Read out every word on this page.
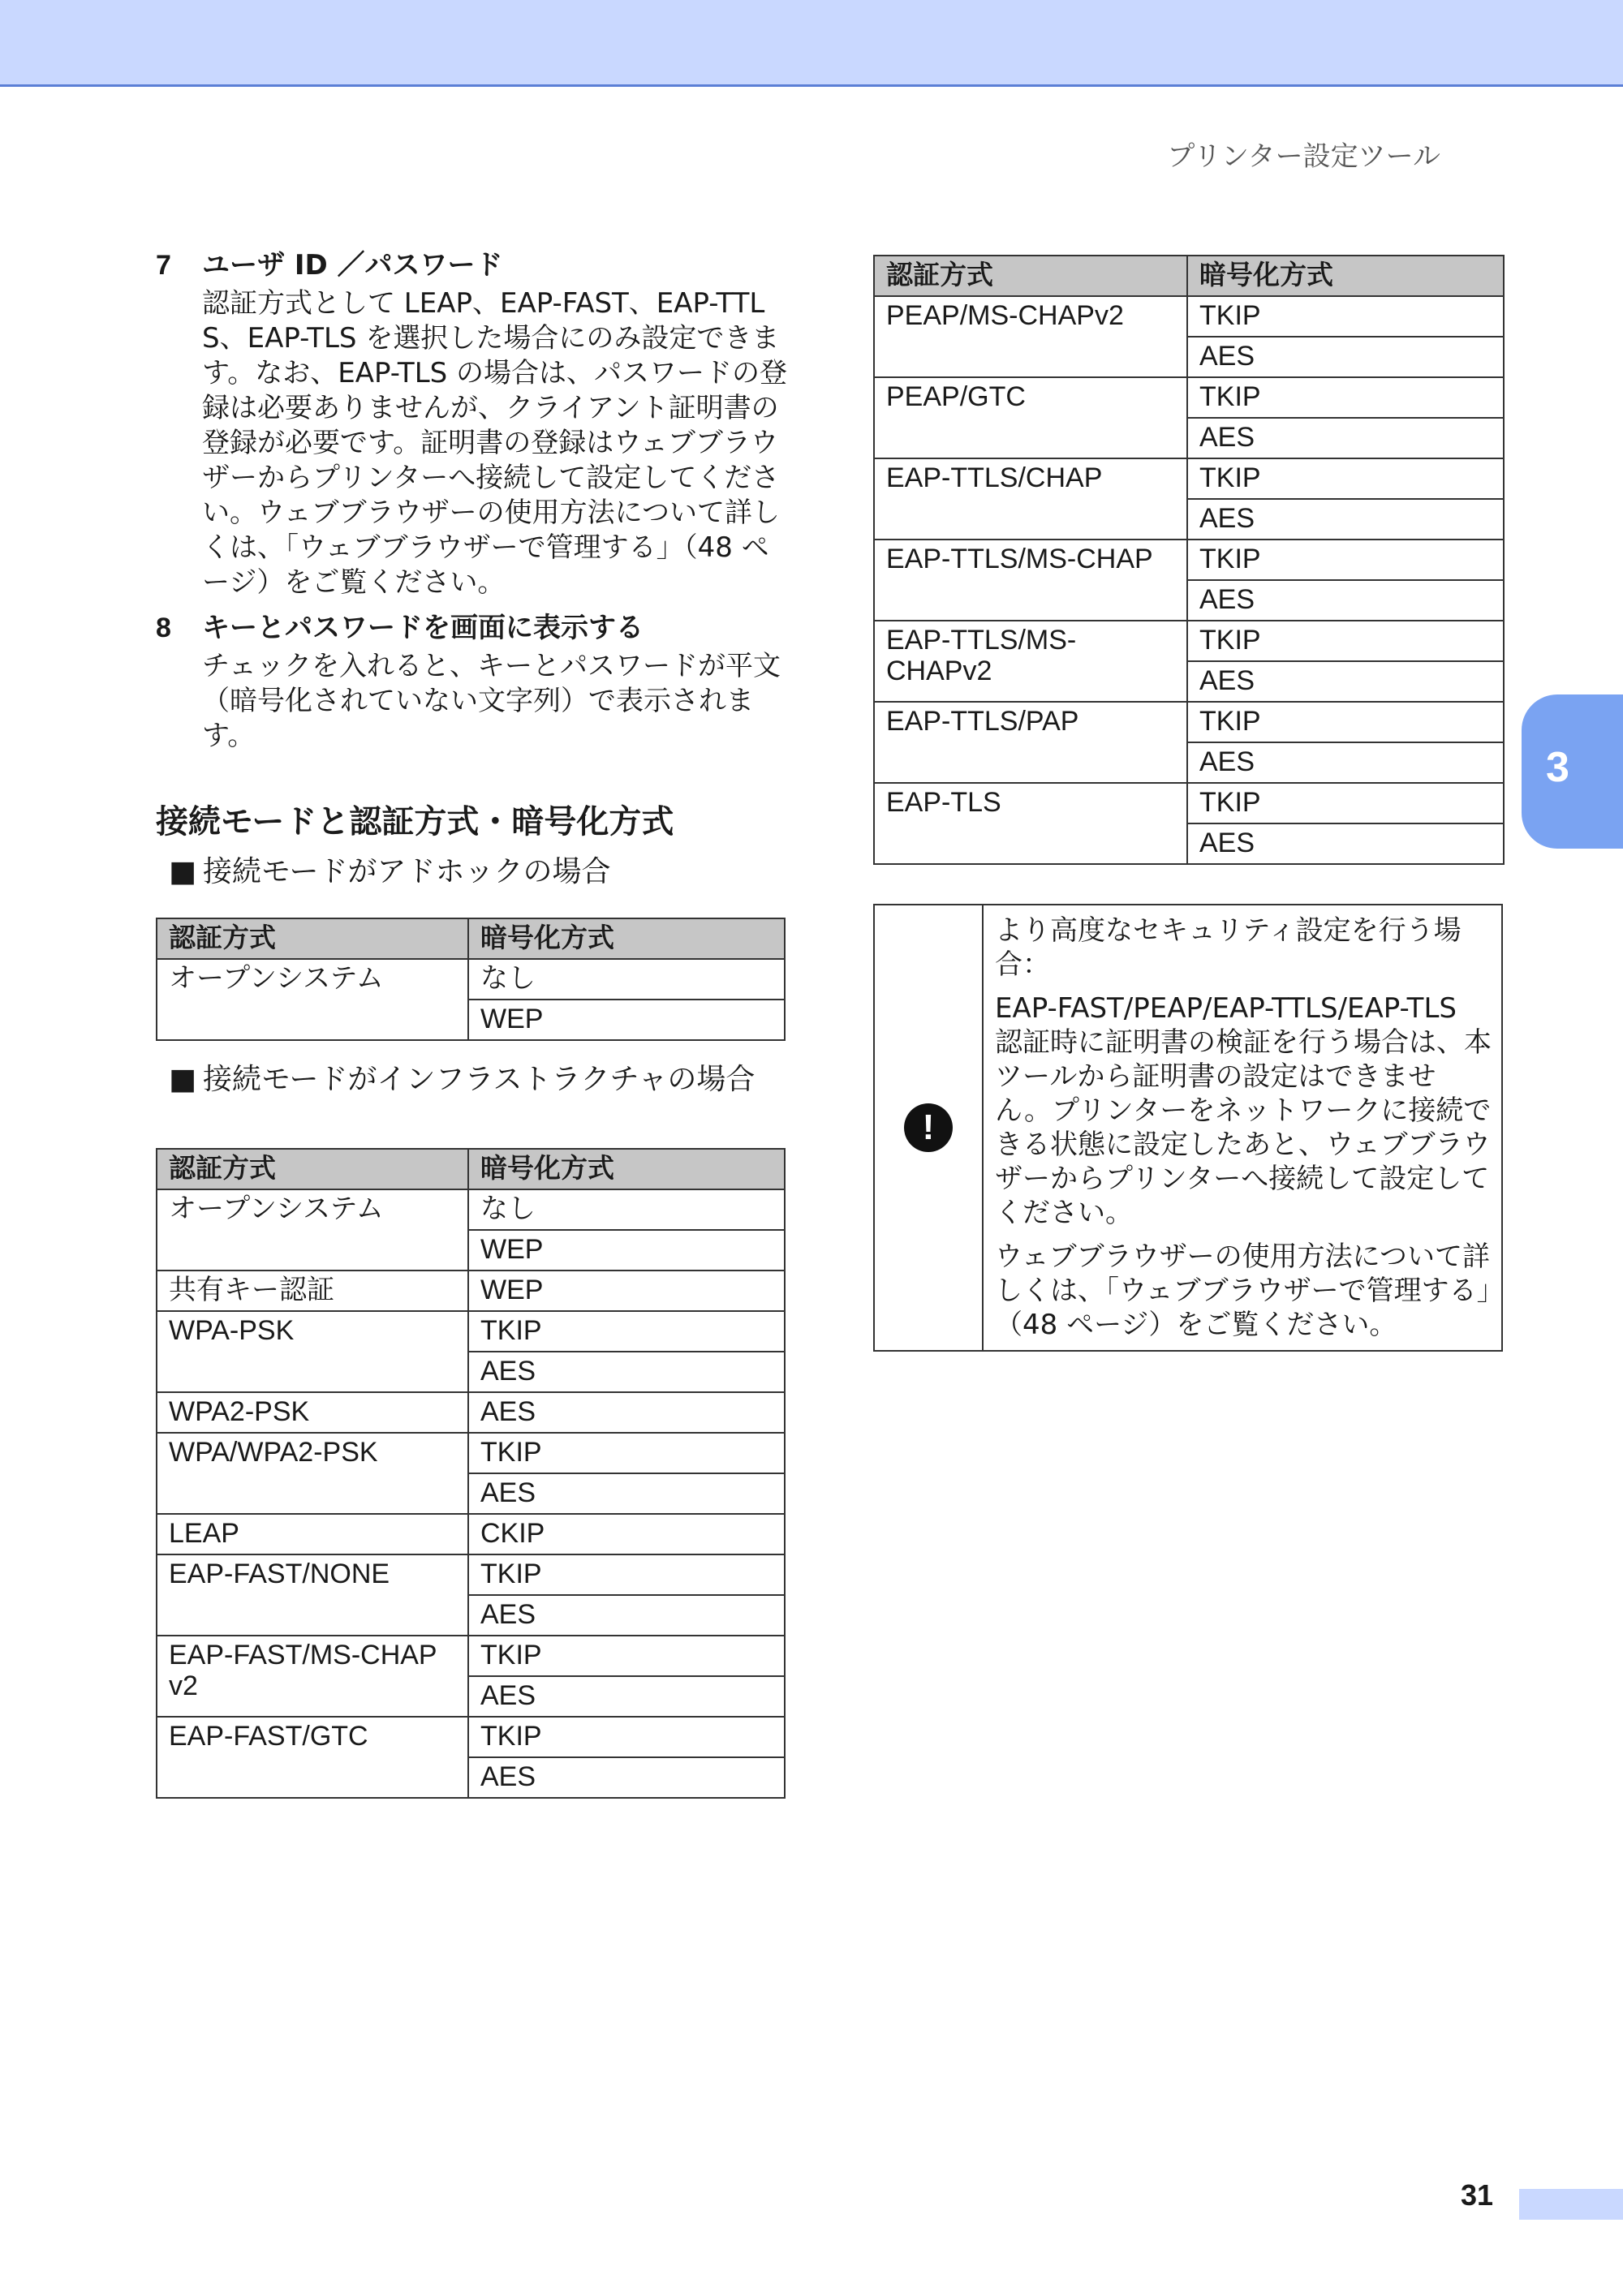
プリンター設定ツール
7	ユーザ ID ／パスワード
認証方式として LEAP、EAP-FAST、EAP-TTLS、EAP-TLS を選択した場合にのみ設定できます。なお、EAP-TLS の場合は、パスワードの登録は必要ありませんが、クライアント証明書の登録が必要です。証明書の登録はウェブブラウザーからプリンターへ接続して設定してください。ウェブブラウザーの使用方法について詳しくは、「ウェブブラウザーで管理する」（48 ページ）をご覧ください。
8	キーとパスワードを画面に表示する
チェックを入れると、キーとパスワードが平文（暗号化されていない文字列）で表示されます。
接続モードと認証方式・暗号化方式
■ 接続モードがアドホックの場合
認証方式	暗号化方式
オープンシステム	なし
	WEP
■ 接続モードがインフラストラクチャの場合
認証方式	暗号化方式
オープンシステム	なし
	WEP
共有キー認証	WEP
WPA-PSK	TKIP
	AES
WPA2-PSK	AES
WPA/WPA2-PSK	TKIP
	AES
LEAP	CKIP
EAP-FAST/NONE	TKIP
	AES
EAP-FAST/MS-CHAP v2	TKIP
	AES
EAP-FAST/GTC	TKIP
	AES
認証方式	暗号化方式
PEAP/MS-CHAPv2	TKIP
	AES
PEAP/GTC	TKIP
	AES
EAP-TTLS/CHAP	TKIP
	AES
EAP-TTLS/MS-CHAP	TKIP
	AES
EAP-TTLS/MS-CHAPv2	TKIP
	AES
EAP-TTLS/PAP	TKIP
	AES
EAP-TLS	TKIP
	AES
!

より高度なセキュリティ設定を行う場合：

EAP-FAST/PEAP/EAP-TTLS/EAP-TLS 認証時に証明書の検証を行う場合は、本ツールから証明書の設定はできません。プリンターをネットワークに接続できる状態に設定したあと、ウェブブラウザーからプリンターへ接続して設定してください。

ウェブブラウザーの使用方法について詳しくは、「ウェブブラウザーで管理する」（48 ページ）をご覧ください。

3
31
